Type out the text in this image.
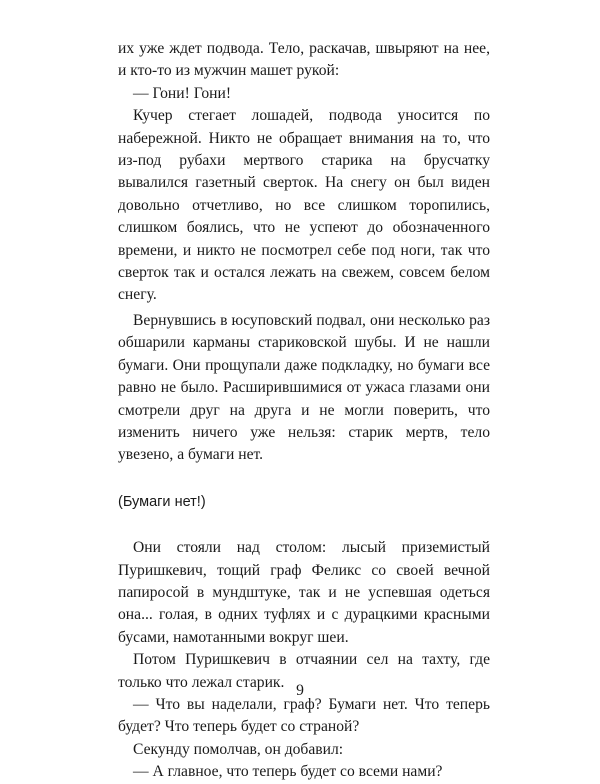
их уже ждет подвода. Тело, раскачав, швыряют на нее, и кто-то из мужчин машет рукой:

— Гони! Гони!

Кучер стегает лошадей, подвода уносится по набережной. Никто не обращает внимания на то, что из-под рубахи мертвого старика на брусчатку вывалился газетный сверток. На снегу он был виден довольно отчетливо, но все слишком торопились, слишком боялись, что не успеют до обозначенного времени, и никто не посмотрел себе под ноги, так что сверток так и остался лежать на свежем, совсем белом снегу.

Вернувшись в юсуповский подвал, они несколько раз обшарили карманы стариковской шубы. И не нашли бумаги. Они прощупали даже подкладку, но бумаги все равно не было. Расширившимися от ужаса глазами они смотрели друг на друга и не могли поверить, что изменить ничего уже нельзя: старик мертв, тело увезено, а бумаги нет.

(Бумаги нет!)

Они стояли над столом: лысый приземистый Пуришкевич, тощий граф Феликс со своей вечной папиросой в мундштуке, так и не успевшая одеться она... голая, в одних туфлях и с дурацкими красными бусами, намотанными вокруг шеи.

Потом Пуришкевич в отчаянии сел на тахту, где только что лежал старик.

— Что вы наделали, граф? Бумаги нет. Что теперь будет? Что теперь будет со страной?

Секунду помолчав, он добавил:

— А главное, что теперь будет со всеми нами?

9
